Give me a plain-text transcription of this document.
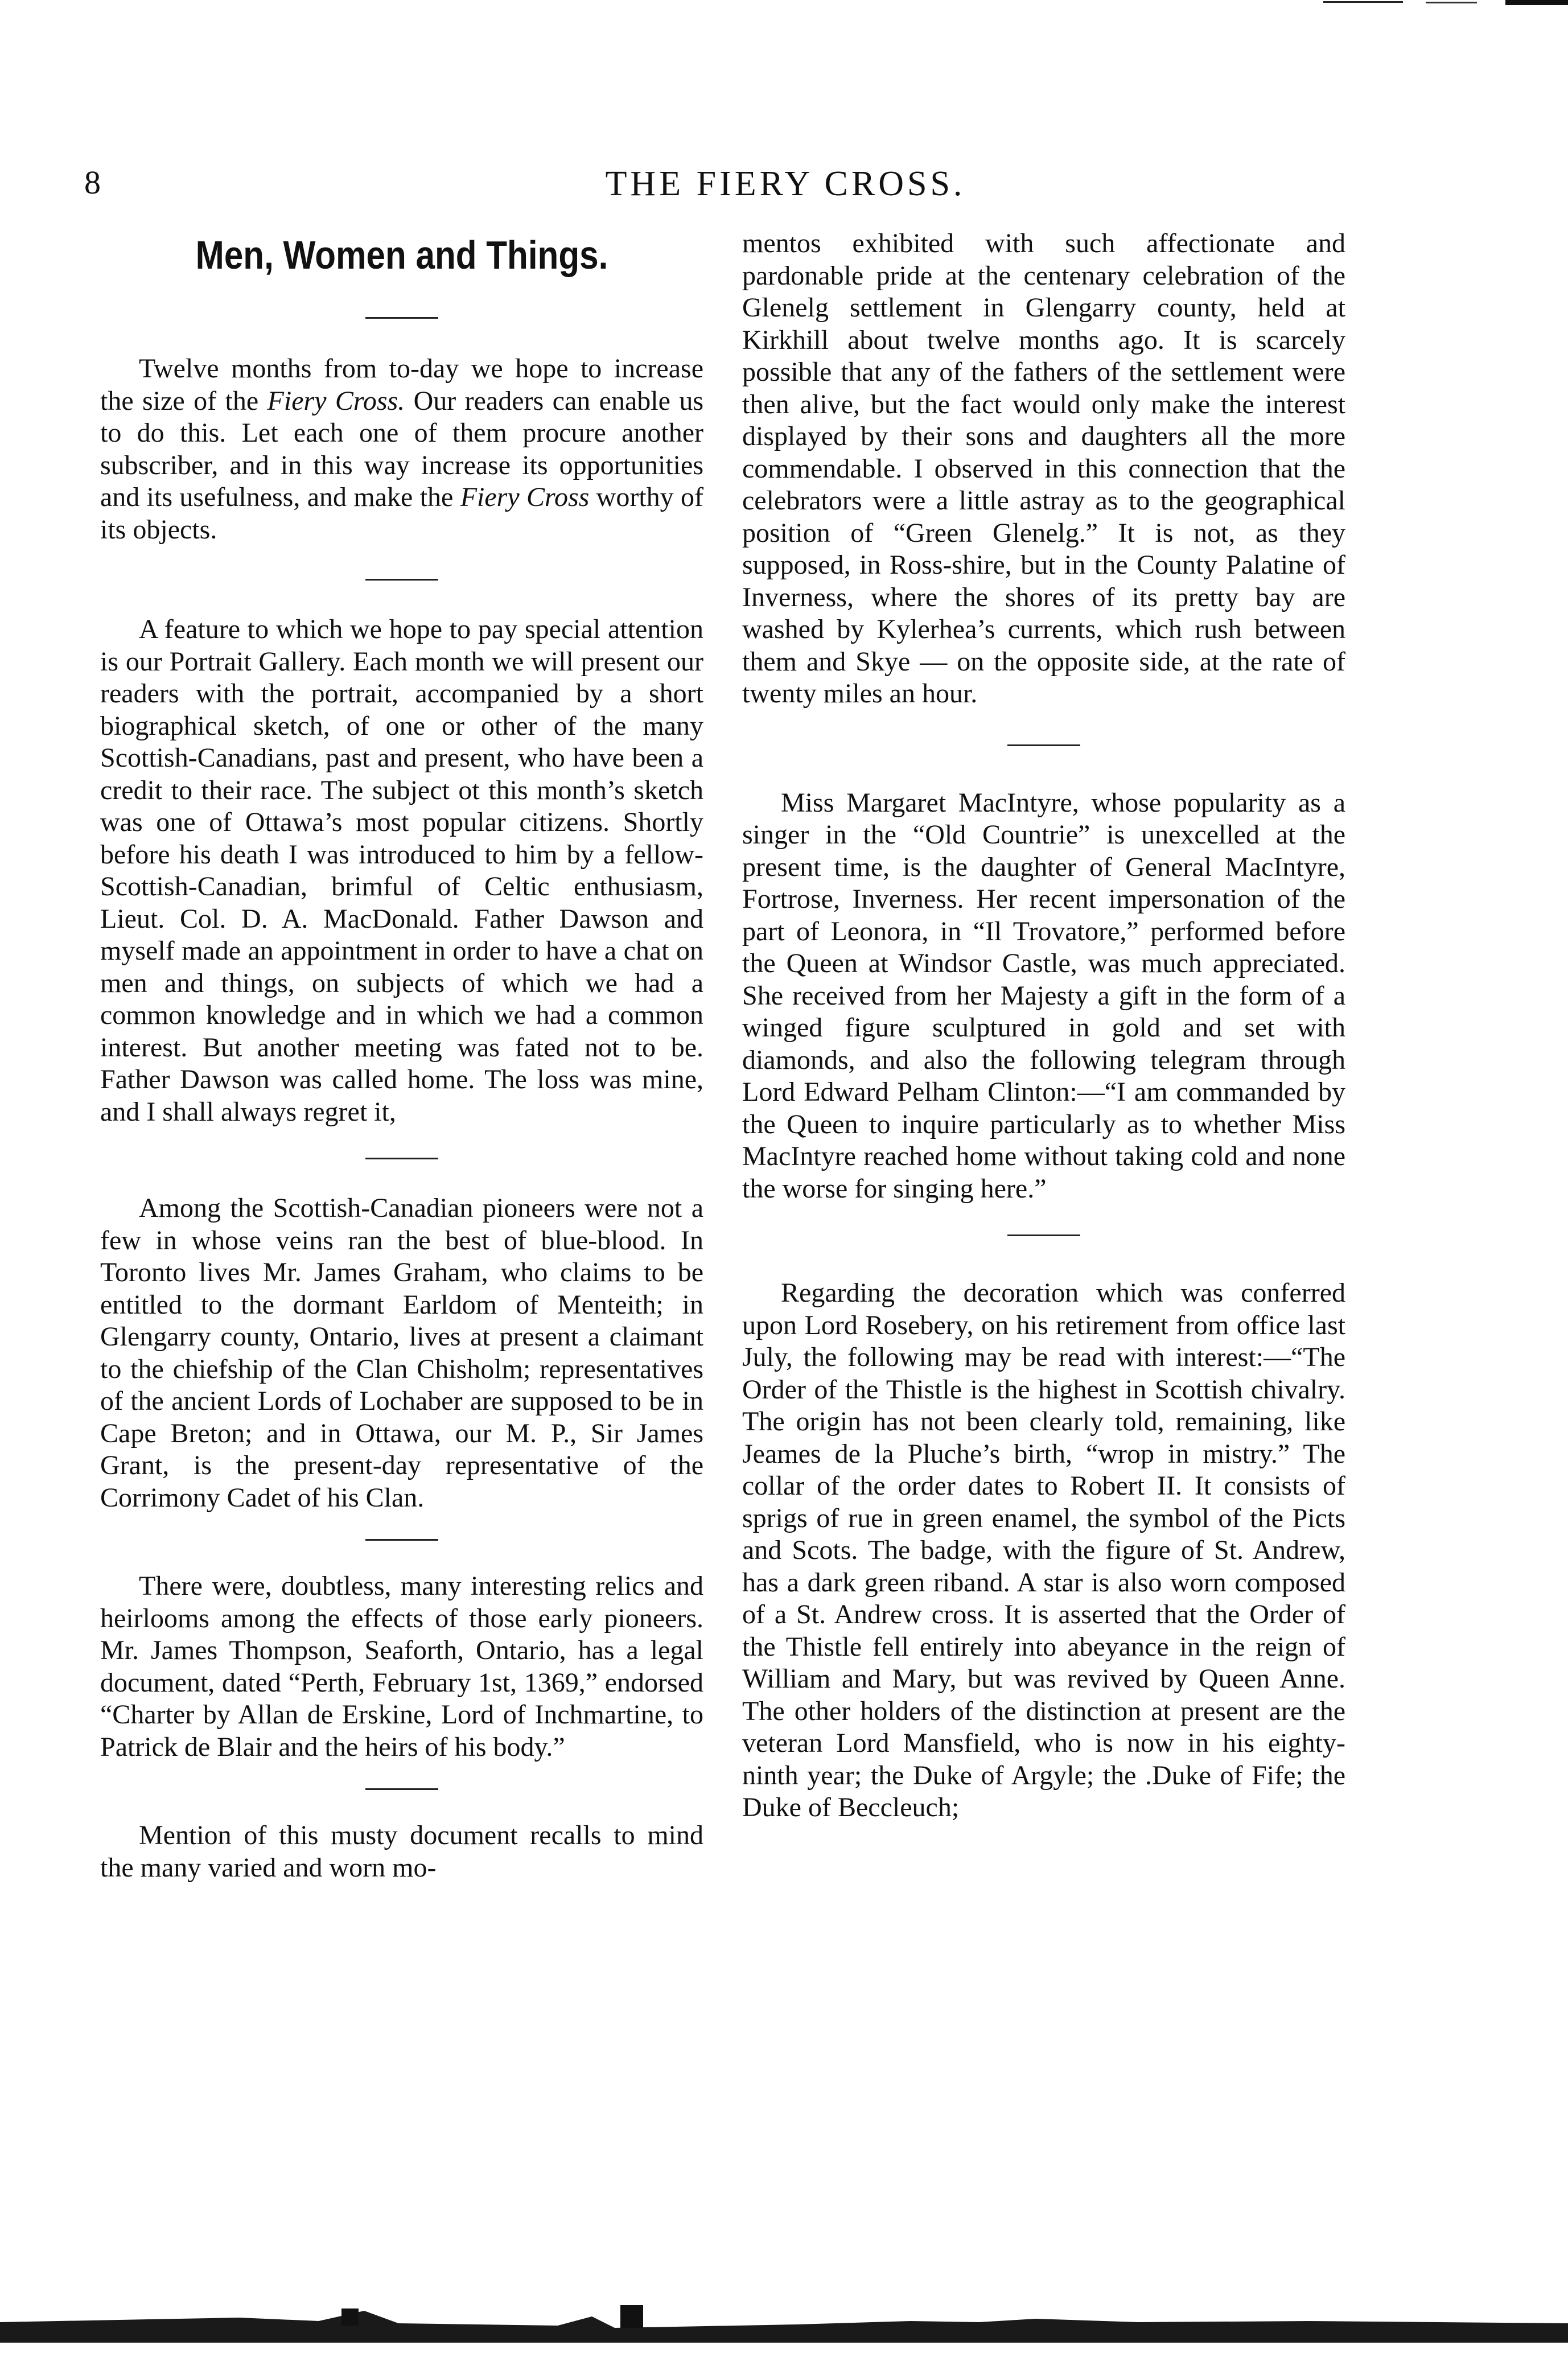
8	THE FIERY CROSS.
Men, Women and Things.

Twelve months from to-day we hope to increase the size of the Fiery Cross. Our readers can enable us to do this. Let each one of them procure another subscriber, and in this way increase its opportunities and its usefulness, and make the Fiery Cross worthy of its objects.

A feature to which we hope to pay special attention is our Portrait Gallery. Each month we will present our readers with the portrait, accompanied by a short biographical sketch, of one or other of the many Scottish-Canadians, past and present, who have been a credit to their race. The subject ot this month’s sketch was one of Ottawa’s most popular citizens. Shortly before his death I was introduced to him by a fellow-Scottish-Canadian, brimful of Celtic enthusiasm, Lieut. Col. D. A. MacDonald. Father Dawson and myself made an appointment in order to have a chat on men and things, on subjects of which we had a common knowledge and in which we had a common interest. But another meeting was fated not to be. Father Dawson was called home. The loss was mine, and I shall always regret it,

Among the Scottish-Canadian pioneers were not a few in whose veins ran the best of blue-blood. In Toronto lives Mr. James Graham, who claims to be entitled to the dormant Earldom of Menteith; in Glengarry county, Ontario, lives at present a claimant to the chiefship of the Clan Chisholm; representatives of the ancient Lords of Lochaber are supposed to be in Cape Breton; and in Ottawa, our M. P., Sir James Grant, is the present-day representative of the Corrimony Cadet of his Clan.

There were, doubtless, many interesting relics and heirlooms among the effects of those early pioneers. Mr. James Thompson, Seaforth, Ontario, has a legal document, dated “Perth, February 1st, 1369,” endorsed “Charter by Allan de Erskine, Lord of Inchmartine, to Patrick de Blair and the heirs of his body.”

Mention of this musty document recalls to mind the many varied and worn mo-

mentos exhibited with such affectionate and pardonable pride at the centenary celebration of the Glenelg settlement in Glengarry county, held at Kirkhill about twelve months ago. It is scarcely possible that any of the fathers of the settlement were then alive, but the fact would only make the interest displayed by their sons and daughters all the more commendable. I observed in this connection that the celebrators were a little astray as to the geographical position of “Green Glenelg.” It is not, as they supposed, in Ross-shire, but in the County Palatine of Inverness, where the shores of its pretty bay are washed by Kylerhea’s currents, which rush between them and Skye — on the opposite side, at the rate of twenty miles an hour.

Miss Margaret MacIntyre, whose popularity as a singer in the “Old Countrie” is unexcelled at the present time, is the daughter of General MacIntyre, Fortrose, Inverness. Her recent impersonation of the part of Leonora, in “Il Trovatore,” performed before the Queen at Windsor Castle, was much appreciated. She received from her Majesty a gift in the form of a winged figure sculptured in gold and set with diamonds, and also the following telegram through Lord Edward Pelham Clinton:—“I am commanded by the Queen to inquire particularly as to whether Miss MacIntyre reached home without taking cold and none the worse for singing here.”

Regarding the decoration which was conferred upon Lord Rosebery, on his retirement from office last July, the following may be read with interest:—“The Order of the Thistle is the highest in Scottish chivalry. The origin has not been clearly told, remaining, like Jeames de la Pluche’s birth, “wrop in mistry.” The collar of the order dates to Robert II. It consists of sprigs of rue in green enamel, the symbol of the Picts and Scots. The badge, with the figure of St. Andrew, has a dark green riband. A star is also worn composed of a St. Andrew cross. It is asserted that the Order of the Thistle fell entirely into abeyance in the reign of William and Mary, but was revived by Queen Anne. The other holders of the distinction at present are the veteran Lord Mansfield, who is now in his eighty-ninth year; the Duke of Argyle; the .Duke of Fife; the Duke of Beccleuch;
